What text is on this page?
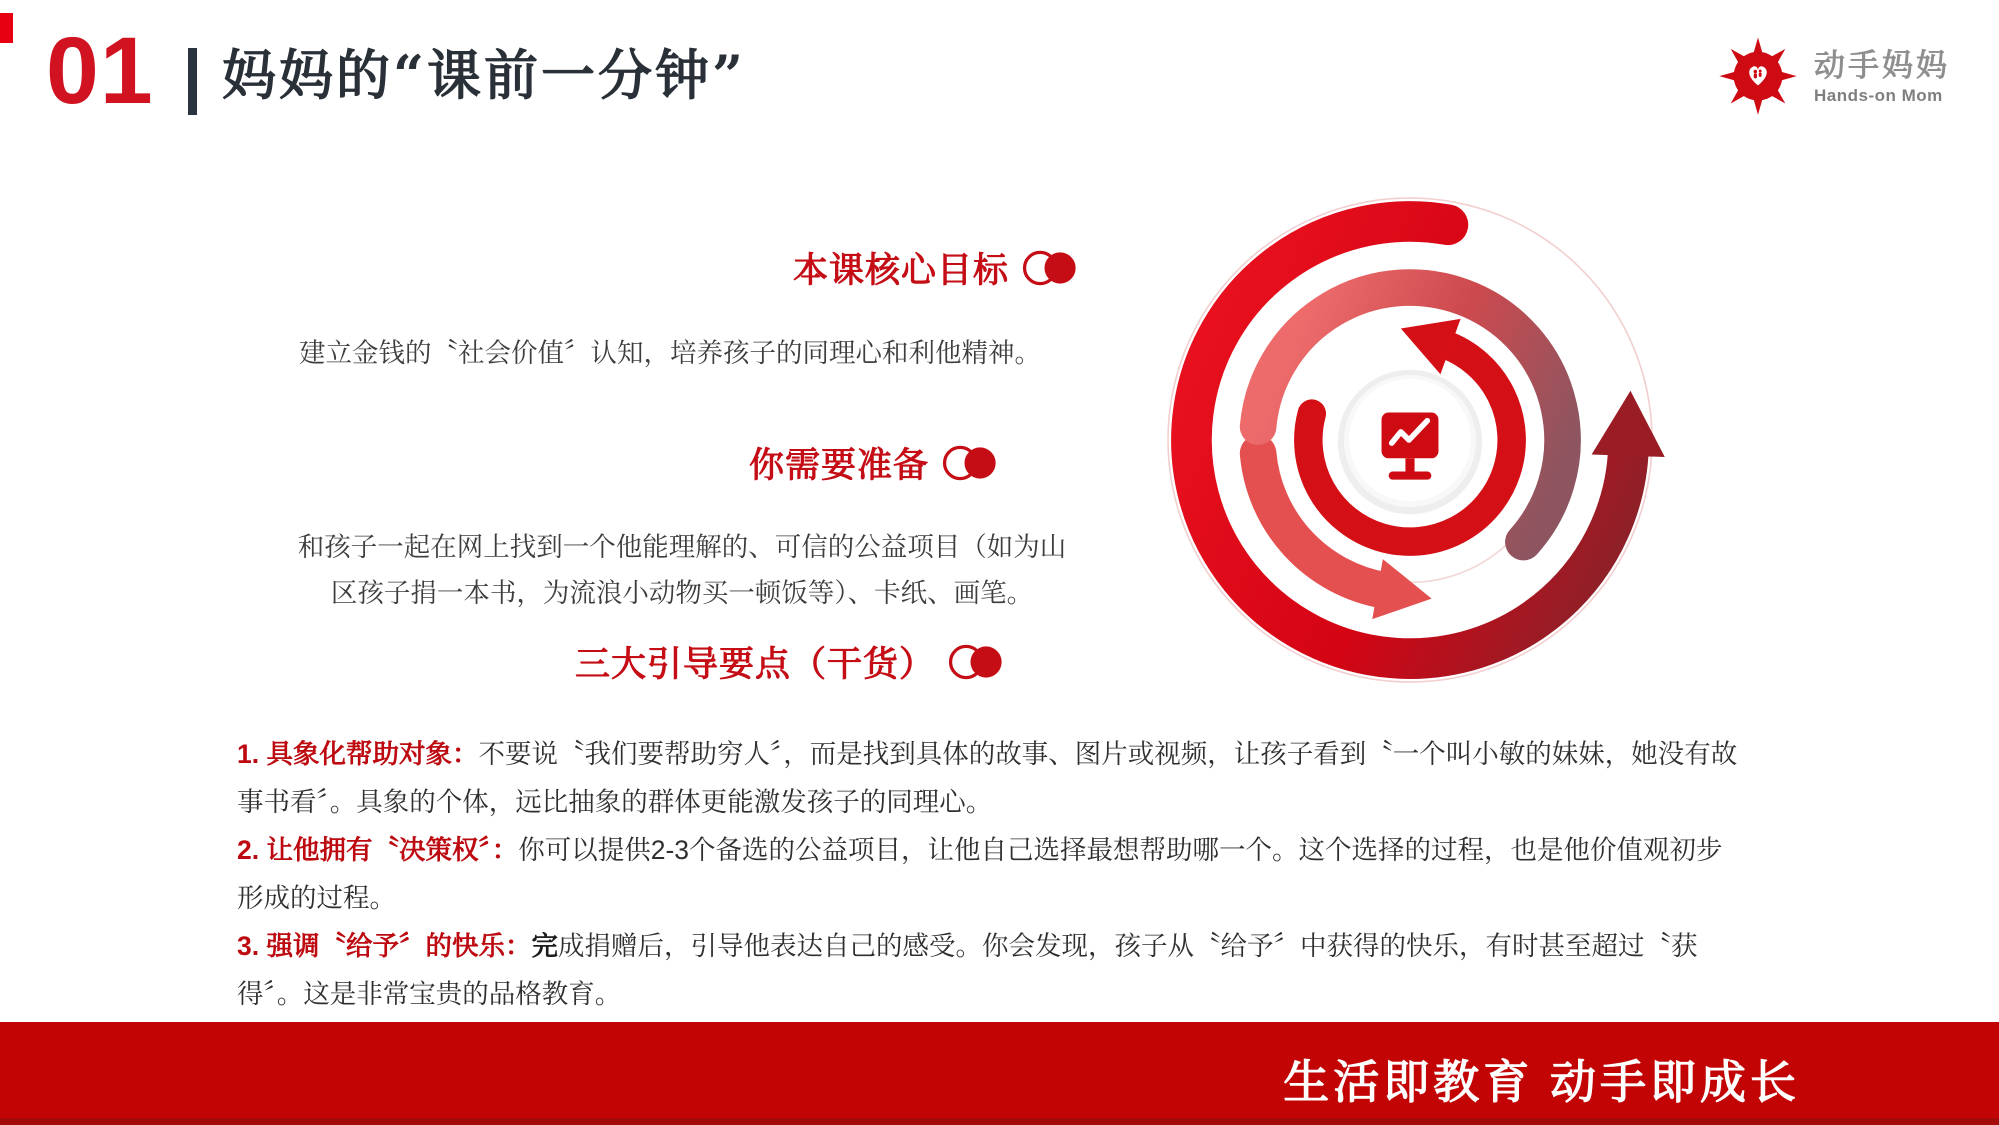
01 妈妈的“课前一分钟”	动手妈妈
Hands-on Mom
本课核心目标

建立金钱的〝社会价值〞认知，培养孩子的同理心和利他精神。

你需要准备

和孩子一起在网上找到一个他能理解的、可信的公益项目（如为山
区孩子捐一本书，为流浪小动物买一顿饭等）、卡纸、画笔。

三大引导要点（干货）

1. 具象化帮助对象：不要说〝我们要帮助穷人〞，而是找到具体的故事、图片或视频，让孩子看到〝一个叫小敏的妹妹，她没有故事书看〞。具象的个体，远比抽象的群体更能激发孩子的同理心。

2. 让他拥有〝决策权〞：你可以提供2-3个备选的公益项目，让他自己选择最想帮助哪一个。这个选择的过程，也是他价值观初步形成的过程。

3. 强调〝给予〞的快乐：完成捐赠后，引导他表达自己的感受。你会发现，孩子从〝给予〞中获得的快乐，有时甚至超过〝获得〞。这是非常宝贵的品格教育。

生活即教育 动手即成长
